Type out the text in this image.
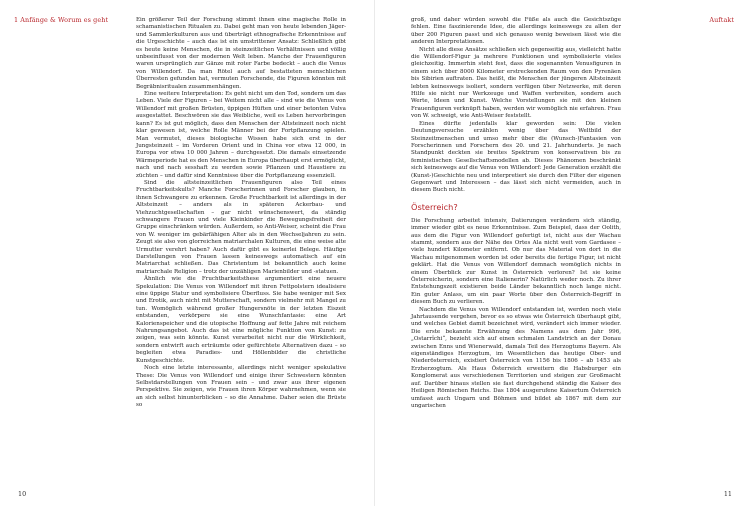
1 Anfänge & Worum es geht	Ein größerer Teil der Forschung stimmt ihnen eine magische Rolle in schamanistischen Ritualen zu. Dabei geht man von heute lebenden Jäger- und Sammlerkulturen aus und überträgt ethnografische Erkenntnisse auf die Urgeschichte – auch das ist ein umstrittener Ansatz: Schließlich gibt es heute keine Menschen, die in steinzeitlichen Verhältnissen und völlig unbeeinflusst von der modernen Welt leben. Manche der Frauenfiguren waren ursprünglich zur Gänze mit roter Farbe bedeckt – auch die Venus von Willendorf. Da man Rötel auch auf bestatteten menschlichen Überresten gefunden hat, vermuten Forschende, die Figuren könnten mit Begräbnisritualen zusammenhängen.

Eine weitere Interpretation: Es geht nicht um den Tod, sondern um das Leben. Viele der Figuren – bei Weitem nicht alle – sind wie die Venus von Willendorf mit großen Brüsten, üppigen Hüften und einer betonten Vulva ausgestattet. Beschwören sie das Weibliche, weil es Leben hervorbringen kann? Es ist gut möglich, dass den Menschen der Altsteinzeit noch nicht klar gewesen ist, welche Rolle Männer bei der Fortpflanzung spielen. Man vermutet, dieses biologische Wissen habe sich erst in der Jungsteinzeit – im Vorderen Orient und in China vor etwa 12 000, in Europa vor etwa 10 000 Jahren – durchgesetzt. Die damals einsetzende Wärmeperiode hat es den Menschen in Europa überhaupt erst ermöglicht, nach und nach sesshaft zu werden sowie Pflanzen und Haustiere zu züchten – und dafür sind Kenntnisse über die Fortpflanzung essenziell.

Sind die altsteinzeitlichen Frauenfiguren also Teil eines Fruchtbarkeitskults? Manche Forscherinnen und Forscher glauben, in ihnen Schwangere zu erkennen. Große Fruchtbarkeit ist allerdings in der Altsteinzeit – anders als in späteren Ackerbau- und Viehzuchtgesellschaften – gar nicht wünschenswert, da ständig schwangere Frauen und viele Kleinkinder die Bewegungsfreiheit der Gruppe einschränken würden. Außerdem, so Anti-Weiser, scheint die Frau von W. weniger im gebärfähigen Alter als in den Wechseljahren zu sein. Zeugt sie also von glorreichen matriarchalen Kulturen, die eine weise alte Urmutter verehrt haben? Auch dafür gibt es keinerlei Belege. Häufige Darstellungen von Frauen lassen keineswegs automatisch auf ein Matriarchat schließen. Das Christentum ist bekanntlich auch keine matriarchale Religion – trotz der unzähligen Marienbilder und -statuen.

Ähnlich wie die Fruchtbarkeitsthese argumentiert eine neuere Spekulation: Die Venus von Willendorf mit ihren Fettpolstern idealisiere eine üppige Statur und symbolisiere Überfluss. Sie habe weniger mit Sex und Erotik, auch nicht mit Mutterschaft, sondern vielmehr mit Mangel zu tun. Womöglich während großer Hungersnöte in der letzten Eiszeit entstanden, verkörpere sie eine Wunschfantasie: eine Art Kalorienspeicher und die utopische Hoffnung auf fette Jahre mit reichem Nahrungsangebot. Auch das ist eine mögliche Funktion von Kunst: zu zeigen, was sein könnte. Kunst verarbeitet nicht nur die Wirklichkeit, sondern entwirft auch erträumte oder gefürchtete Alternativen dazu – so begleiten etwa Paradies- und Höllenbilder die christliche Kunstgeschichte.

Noch eine letzte interessante, allerdings nicht weniger spekulative These: Die Venus von Willendorf und einige ihrer Schwestern könnten Selbstdarstellungen von Frauen sein – und zwar aus ihrer eigenen Perspektive. Sie zeigen, wie Frauen ihren Körper wahrnehmen, wenn sie an sich selbst hinunterblicken – so die Annahme. Daher seien die Brüste so

10
Auftakt

groß, und daher würden sowohl die Füße als auch die Gesichtszüge fehlen. Eine faszinierende Idee, die allerdings keineswegs zu allen der über 200 Figuren passt und sich genauso wenig beweisen lässt wie die anderen Interpretationen.

Nicht alle diese Ansätze schließen sich gegenseitig aus, vielleicht hatte die Willendorf-Figur ja mehrere Funktionen und symbolisierte vieles gleichzeitig. Immerhin steht fest, dass die sogenannten Venusfiguren in einem sich über 8000 Kilometer erstreckenden Raum von den Pyrenäen bis Sibirien auftraten. Das heißt, die Menschen der jüngeren Altsteinzeit lebten keineswegs isoliert, sondern verfügen über Netzwerke, mit deren Hilfe sie nicht nur Werkzeuge und Waffen verbreiten, sondern auch Werte, Ideen und Kunst. Welche Vorstellungen sie mit den kleinen Frauenfiguren verknüpft haben, werden wir womöglich nie erfahren. Frau von W. schweigt, wie Anti-Weiser feststellt.

Eines dürfte jedenfalls klar geworden sein: Die vielen Deutungsversuche erzählen wenig über das Weltbild der Steinzeitmenschen und umso mehr über die (Wunsch-)Fantasien von Forscherinnen und Forschern des 20. und 21. Jahrhunderts. Je nach Standpunkt deckten sie breites Spektrum von konservativen bis zu feministischen Gesellschaftsmodellen ab. Dieses Phänomen beschränkt sich keineswegs auf die Venus von Willendorf: Jede Generation erzählt die (Kunst-)Geschichte neu und interpretiert sie durch den Filter der eigenen Gegenwart und Interessen – das lässt sich nicht vermeiden, auch in diesem Buch nicht.

Österreich?

Die Forschung arbeitet intensiv, Datierungen verändern sich ständig, immer wieder gibt es neue Erkenntnisse. Zum Beispiel, dass der Oolith, aus dem die Figur von Willendorf gefertigt ist, nicht aus der Wachau stammt, sondern aus der Nähe des Ortes Ala nicht weit vom Gardasee – viele hundert Kilometer entfernt. Ob nur das Material von dort in die Wachau mitgenommen worden ist oder bereits die fertige Figur, ist nicht geklärt. Hat die Venus von Willendorf demnach womöglich nichts in einem Überblick zur Kunst in Österreich verloren? Ist sie keine Österreicherin, sondern eine Italienerin? Natürlich weder noch. Zu ihrer Entstehungszeit existieren beide Länder bekanntlich noch lange nicht. Ein guter Anlass, um ein paar Worte über den Österreich-Begriff in diesem Buch zu verlieren.

Nachdem die Venus von Willendorf entstanden ist, werden noch viele Jahrtausende vergehen, bevor es so etwas wie Österreich überhaupt gibt, und welches Gebiet damit bezeichnet wird, verändert sich immer wieder. Die erste bekannte Erwähnung des Namens aus dem Jahr 996, „Ostarrîchi“, bezieht sich auf einen schmalen Landstrich an der Donau zwischen Enns und Wienerwald, damals Teil des Herzogtums Bayern. Als eigenständiges Herzogtum, im Wesentlichen das heutige Ober- und Niederösterreich, existiert Österreich von 1156 bis 1806 – ab 1453 als Erzherzogtum. Als Haus Österreich erweitern die Habsburger ein Konglomerat aus verschiedenen Territorien und steigen zur Großmacht auf. Darüber hinaus stellen sie fast durchgehend ständig die Kaiser des Heiligen Römischen Reichs. Das 1804 ausgerufene Kaisertum Österreich umfasst auch Ungarn und Böhmen und bildet ab 1867 mit dem zur ungarischen

11
